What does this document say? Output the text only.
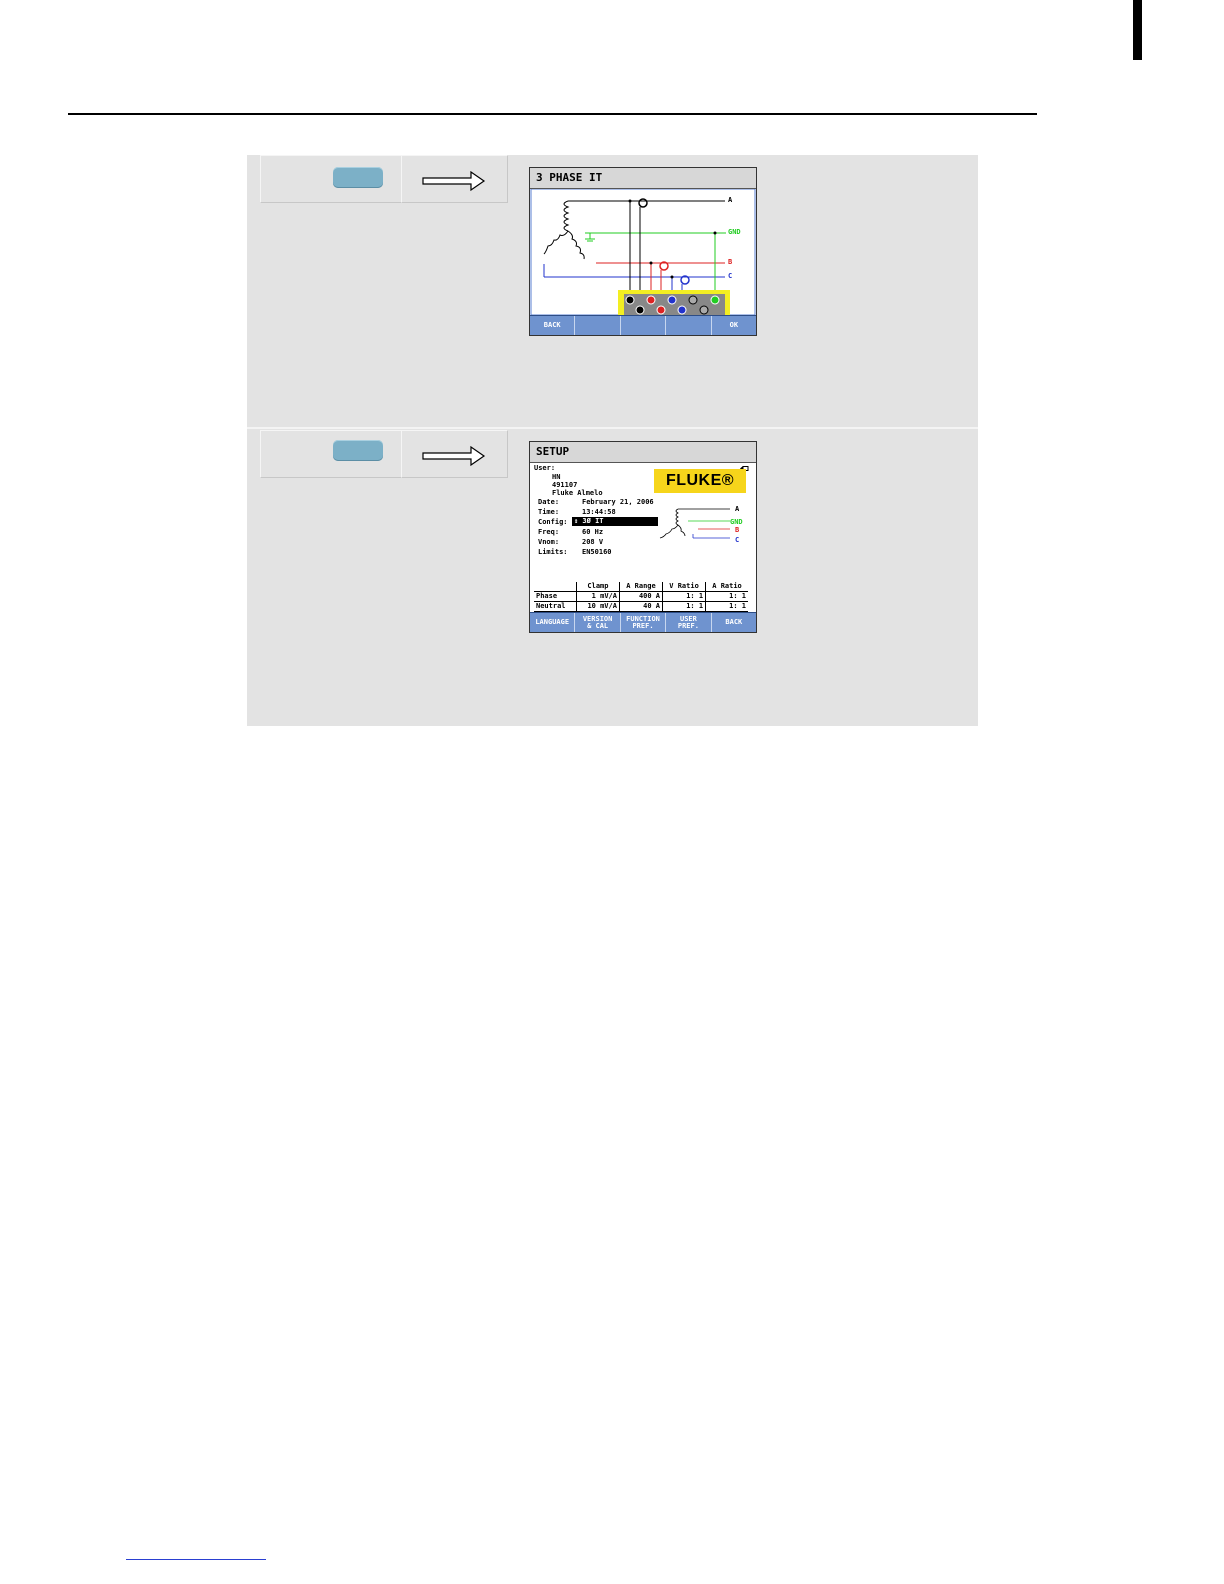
3 PHASE IT
A
GND
B
C
BACK	OK
SETUP
User:
HN
491107
Fluke Almelo
Date:	February 21, 2006
Time:	13:44:58
Config: ↕ 3Ø IT
Freq:	60 Hz
Vnom:	208 V
Limits: EN50160
FLUKE®
A
GND
B
C
	Clamp	A Range	V Ratio	A Ratio
Phase	1 mV/A	400 A	1: 1	1: 1
Neutral	10 mV/A	40 A	1: 1	1: 1
LANGUAGE	VERSION
& CAL
FUNCTION
PREF.
USER
PREF.	BACK
